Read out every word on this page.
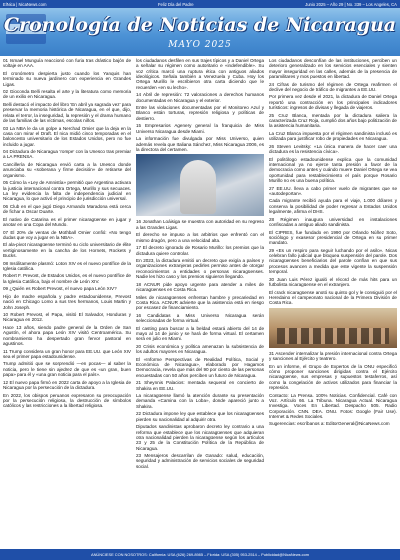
ElNica | NicaNews.com	Feliz Día del Padre	Junio 2025 – Año 29 | No. 339 – Los Angeles, CA
Cronología de Noticias de Nicaragua
MAYO 2025

01 Ismael Munguía reaccionó con furia tras drástico bajón de voltaje en AAA.

El cronómetro despierta justo cuando los Yanquis han terminado su nueva jardinero con experiencia en Grandes Ligas.

02 Gioconda Belli resalta el arte y la literatura como memoria de un exilio en Nicaragua.

Belli destacó el impacto del libro 'En abril ya sagrada vez' para preservar la memoria histórica de Nicaragua, en el que, dijo, relata el terror, la inseguridad, la represión y el drama humano de las familias de las víctimas, escolas niños.

03 La NBA le da un golpe a Nerchad Omier que la deja en la casa con mirar el Draft. El nica midió cinco temporadas en el baloncesto universitario de los Estados Unidos, pero no fue incluido a jugar.

04 Dictadura de Nicaragua ‘rompe’ con la Unesco tras premiar a LA PRENSA.

Cancillería de Nicaragua envió carta a la Unesco donde anunciaba su «soberana y firme decisión» de retirarse del organismo.

05 Cómo la «Ley de Amnistía» permitió que Argentina activara la justicia internacional contra Ortega, Murillo y sus secuaces. La ley evidencia la falta de independencia judicial en Nicaragua, lo que activó el principio de jurisdicción universal.

06 Club en el que jugó Diego Armando Maradona está cerca de fichar a Oscar Duarte.

El nativo de Catarina es el primer nicaragüense en jugar y anotar en una Copa del Mundo.

07 El 20% de ventas de Mothball Omier confió: «No tengo dudas que voy a jugar en la NBA».

El ala-pivot nicaragüense terminó su ciclo universitario de élite vertiginosamente en la cancha de los Hornets, Rockets y Bucks.

08 Insólitamente plasmó: Loton XIV es el nuevo pontífice de la Iglesia católica.

Robert F. Prevost, de Estados Unidos, es el nuevo pontífice de la Iglesia Católica, bajo el nombre de León XIV.

09 ¿Quién es Robert Prevost, el nuevo papa León XIV?

Hijo de madre española y padre estadounidense, Prevost nació en Chicago Lomo a sus tres hermanos, Louis Martin y John Joseph.

10 Robert Prevost, el Papa, visitó El Salvador, Honduras y Nicaragua en 2012.

Hace 13 años, siendo padre general de la Orden de San Agustín, el ahora papa León XIV visitó Centroamérica. Su nombramiento ha despertado gran fervor pastoral en agustinos.

11 Trump considera un gran honor para EE.UU. que León XIV sea el primer papa estadounidense.

Trump admitió que se sorprendió —en pocas— al saber la noticia, pero le tiene sin ajedrez de que es «un gran, buen papa» para él y «una gran noticia para el país».

12 El nuevo papa firmó en 2022 carta de apoyo a la Iglesia de Nicaragua por la persecución de la dictadura.

En 2022, los obispos peruanos expresaron su preocupación por la persecución religiosa, la destrucción de símbolos católicos y las restricciones a la libertad religiosa.

los ciudadanos desfilen en sus trajes típicos y a Daniel Ortega a señalar su régimen como autoritario e «indefendible». Su voz crítica marcó una ruptura ética con antiguos aliados ideológicos. Señala también a Venezuela y Cuba. Hoy los Ortega Murillo le escribieron otra carta diciendo que le recuerden «en su lecho».

14 Abril de represión: 72 valoraciones a derechos humanos documentadas en Nicaragua y el exterior.

Entre las violaciones documentadas por el Monitoreo Azul y Blanco están torturas, represión religiosa y políticas de destierro.

15 Empresarios Agenery general la franquicia de Miss Universo Nicaragua desde Miami.

La información fue divulgada por Miss Universo, quien además revela que Italiana Sánchez, Miss Nicaragua 2006, es la directora del certamen.

16 Jonathan Loáisiga se muestra con autoridad en su regreso a las Grandes Ligas.

El derecho se impuso a los arbitrios que enfrentó con el mismo dragón, pero a una velocidad alta.

17 El decreto ignorado de Rosario Murillo: los premios que la dictadura quiere controlar.

En 2023, la dictadura emitió un decreto que exigía a países y organizaciones extranjeras pedirles permiso antes de otorgar reconocimientos a entidades o personas nicaragüenses. Nadie les hizo caso y los premios siguieron llegando.

18 ACNUR pide apoyo urgente para atender a miles de nicaragüenses en Costa Rica.

Miles de nicaragüenses enfrentan hambre y precariedad en Costa Rica. ACNUR advierte que la asistencia está en riesgo por escasez de financiamiento.

16 Candidatas a Miss Universo Nicaragua serán seleccionadas de forma virtual.

El casting para buscar a la beldad estará abierto del 14 de mayo al 14 de junio y se hará de forma virtual. El certamen será en julio en Miami.

20 Crisis económica y política amenazan la subsistencia de los adultos mayores en Nicaragua.

El «Informe Perspectivas de Realidad Política, Social y Económica de Nicaragua», elaborado por Hagamos Democracia, revela que más del 90 por ciento de las personas encuestadas con 50 años perciben un futuro de Nicaragua.

21 Sheynnis Palacios: mentada sequeral en concierto de Shakira en EE.UU.

La nicaragüense llamó la atención durante su presentación demanda «Camina con la Loba», donde apareció junto a Shakira.

22 Dictadura impone ley que establece que los nicaragüenses pierden su nacionalidad al adquirir otra.

Diputados sandinistas aprobaron decreto ley contrario a una reforma que establece que los nicaragüenses que adquieran otra nacionalidad pierden la nicaragüense según los artículos 23 y 25 de la Constitución Política de la República de Nicaragua.

23 Mensajeros descarrilan de Ganado: salud, educación, seguridad y administración de servicios sociales de seguridad social.

Los ciudadanos desconfían de las instituciones, perciben un deterioro generalizado en los servicios esenciales y sienten mayor inseguridad en las calles, además de la presencia de paramilitares y mos puestos en libertad.

24 Cifras de turismo del régimen de Ortega reafirmen el declive del negocio de tráfico de migrantes a EE.UU.

Por primera vez desde el 2021, la dictadura de Daniel Ortega reportó una contracción en los principales indicadores turísticos: ingresos de divisas y llegada de viajeros.

25 Cruz Blanca, mentada por la dictadura saliera la caracterizada Cruz Roja, cumplió dos años bajo politización de la asistencia humanitaria.

La Cruz Blanca impuesta por el régimen sandinista inclusó es utilizada para justificar robo de propiedades en Nicaragua.

26 Steven Levitsky: «La única manera de hacer caer una dictadura es la resistencia cívica».

El politólogo estadounidense explica que la comunidad internacional ya no ejerce tanta presión a favor de la democracia como antes y cuándo muere Daniel Ortega se vea oportunidad para restablecimiento el país porque Rosario Murillo no es una buena política.

27 EE.UU. lleva a cabo primer vuelo de migrantes que se «autodeportan».

Cada migrante recibió ayuda para el viaje, 1.000 dólares y conserva la posibilidad de poder regresar a Estados Unidos legalmente, afirma el DHS.

28 Régimen inaugura universidad en instalaciones confiscadas a antiguo aliado sandinista.

El CIPRES, fue fundado en 1990 por Orlando Núñez Soto, sociólogo y exasesor presidencial de Ortega en su primer mandato.

29 «Es un respiro para seguir luchando por el asilo». Nicas celebran fallo judicial que bloquea suspensión del parole. Dos nicaragüenses beneficiarios del parole confían en que sus procesos avancen a medida que este vigente la suspensión temporal.

30 Juan Luis Pérez igualó el récord de más hits para un futbolista nicaragüense en el extranjero.

El crack nicaragüense anotó su quinto gol y le consiguió por el Heredaino el campeonato nacional de la Primera División de Costa Rica.

31 Ascender internalizar la presión internacional contra Ortega y sanciones al Ejército y teatrero.

En un informe, el Grupo de Expertos de la ONU especificó cómo proponer sanciones dirigidas contra el Ejército nicaragüense, sus empresas y supuestos testaferros, así como la congelación de activos utilizados para financiar la represión.

Contacto: La Prensa. 100% Noticias. Confidencial. Café con Voz. Artículo 66. La Tribuna. Nicaragua Actual. Nicaragua Investiga. Voces En Libertad. Despacho 505. Radio Corporación. CNN. DEA. ONU. Fotos: Google (Fair Use). Internet & Redes Sociales.

Sugerencias: escríbanos a: EditorGeneral@NicaNews.com

ANÚNCIESE CON NOSOTROS: California: USA (626) 269-8985 – Florida: USA (305) 953-2514 – Publicidad@NicaNews.com
